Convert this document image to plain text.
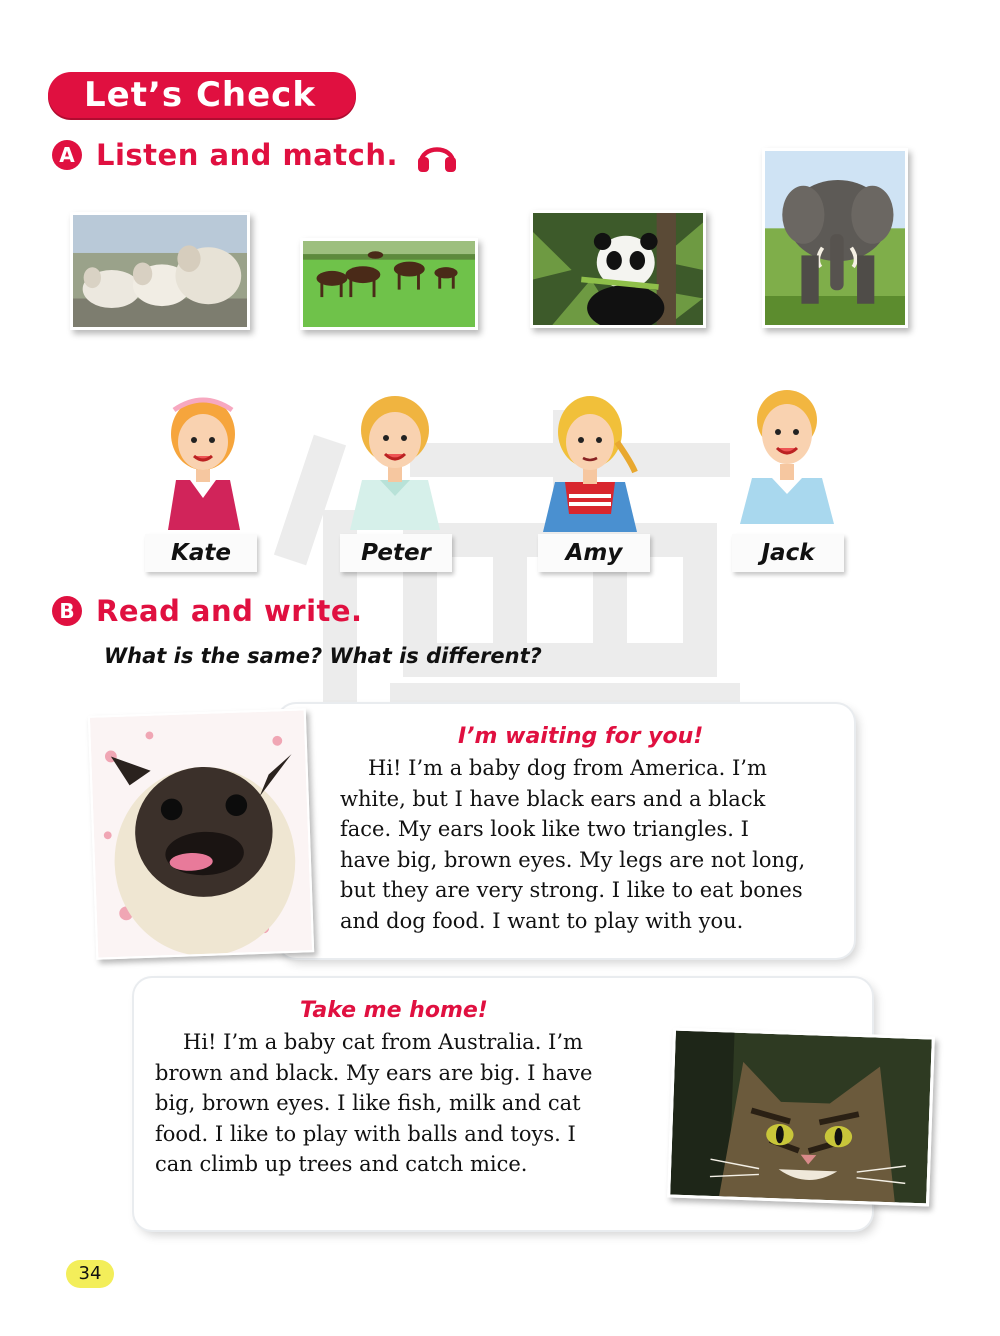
Let’s Check
A Listen and match.
Kate	Peter	Amy	Jack
B Read and write.
What is the same? What is different?
I’m waiting for you!
Hi! I’m a baby dog from America. I’m
white, but I have black ears and a black
face. My ears look like two triangles. I
have big, brown eyes. My legs are not long,
but they are very strong. I like to eat bones
and dog food. I want to play with you.
Take me home!
Hi! I’m a baby cat from Australia. I’m
brown and black. My ears are big. I have
big, brown eyes. I like fish, milk and cat
food. I like to play with balls and toys. I
can climb up trees and catch mice.
34
